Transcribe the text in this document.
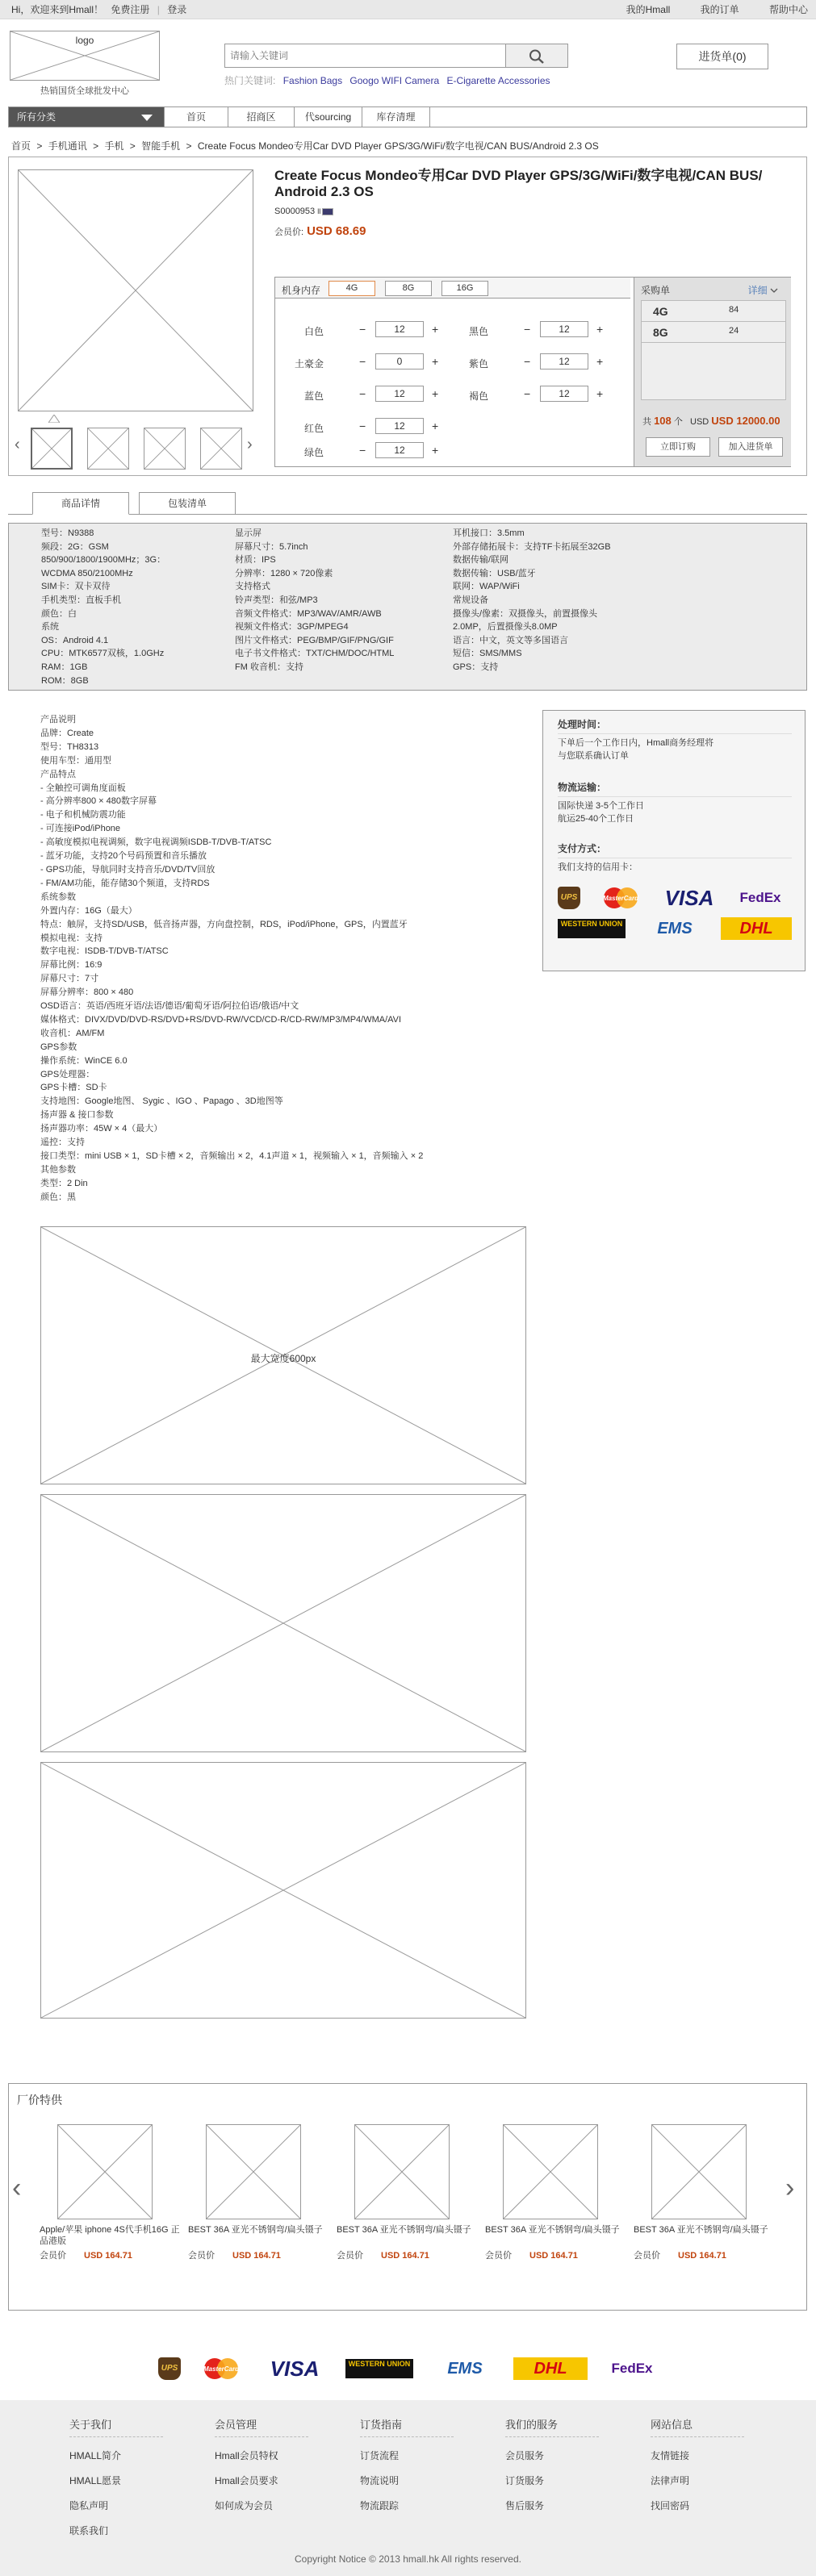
Hi，欢迎来到Hmall！ 免费注册 | 登录	我的Hmall	我的订单	帮助中心
logo
热销国货全球批发中心
请输入关键词
热门关键词: Fashion Bags Googo WIFI Camera E-Cigarette Accessories
进货单(0)
所有分类	首页	招商区	代sourcing	库存清理
首页 > 手机通讯 > 手机 > 智能手机 > Create Focus Mondeo专用Car DVD Player GPS/3G/WiFi/数字电视/CAN BUS/Android 2.3 OS
‹	›
Create Focus Mondeo专用Car DVD Player GPS/3G/WiFi/数字电视/CAN BUS/ Android 2.3 OS
S0000953 ll
会员价: USD 68.69
机身内存	4G	8G	16G
白色	−	12	+	黑色	−	12	+
土豪金	−	0	+	紫色	−	12	+
蓝色	−	12	+	褐色	−	12	+
红色	−	12	+
绿色	−	12	+
采购单	详细
4G	84
8G	24
共 108 个 USD USD 12000.00
立即订购	加入进货单
商品详情	包装清单
型号：N9388
频段：2G：GSM
850/900/1800/1900MHz；3G：
WCDMA 850/2100MHz
SIM卡：双卡双待
手机类型：直板手机
颜色：白
系统
OS：Android 4.1
CPU：MTK6577双核，1.0GHz
RAM：1GB
ROM：8GB
显示屏
屏幕尺寸：5.7inch
材质：IPS
分辨率：1280 × 720像素
支持格式
铃声类型：和弦/MP3
音频文件格式：MP3/WAV/AMR/AWB
视频文件格式：3GP/MPEG4
图片文件格式：PEG/BMP/GIF/PNG/GIF
电子书文件格式：TXT/CHM/DOC/HTML
FM 收音机：支持
耳机接口：3.5mm
外部存储拓展卡：支持TF卡拓展至32GB
数据传输/联网
数据传输：USB/蓝牙
联网：WAP/WiFi
常规设备
摄像头/像素：双摄像头，前置摄像头
2.0MP，后置摄像头8.0MP
语言：中文，英文等多国语言
短信：SMS/MMS
GPS：支持
产品说明
品牌：Create
型号：TH8313
使用车型：通用型
产品特点
- 全触控可调角度面板
- 高分辨率800 × 480数字屏幕
- 电子和机械防震功能
- 可连接iPod/iPhone
- 高敏度模拟电视调频，数字电视调频ISDB-T/DVB-T/ATSC
- 蓝牙功能，支持20个号码预置和音乐播放
- GPS功能，导航同时支持音乐/DVD/TV回放
- FM/AM功能，能存储30个频道，支持RDS
系统参数
外置内存：16G（最大）
特点：触屏，支持SD/USB，低音扬声器，方向盘控制，RDS，iPod/iPhone，GPS，内置蓝牙
模拟电视：支持
数字电视：ISDB-T/DVB-T/ATSC
屏幕比例：16:9
屏幕尺寸：7寸
屏幕分辨率：800 × 480
OSD语言：英语/西班牙语/法语/德语/葡萄牙语/阿拉伯语/俄语/中文
媒体格式：DIVX/DVD/DVD-RS/DVD+RS/DVD-RW/VCD/CD-R/CD-RW/MP3/MP4/WMA/AVI
收音机：AM/FM
GPS参数
操作系统：WinCE 6.0
GPS处理器：
GPS卡槽：SD卡
支持地图：Google地图、 Sygic 、IGO 、Papago 、3D地图等
扬声器 & 接口参数
扬声器功率：45W × 4（最大）
遥控：支持
接口类型：mini USB × 1，SD卡槽 × 2，音频输出 × 2，4.1声道 × 1，视频输入 × 1，音频输入 × 2
其他参数
类型：2 Din
颜色：黑
处理时间：
下单后一个工作日内，Hmall商务经理将
与您联系确认订单
物流运输：
国际快递 3-5个工作日
航运25-40个工作日
支付方式：
我们支持的信用卡：
UPS	MasterCard VISA	FedEx
WESTERN UNION	EMS	DHL
最大宽度600px
厂价特供
‹	›
Apple/苹果 iphone 4S代手机16G 正品港版
会员价 USD 164.71
BEST 36A 亚光不锈钢弯/扁头镊子
会员价 USD 164.71
BEST 36A 亚光不锈钢弯/扁头镊子
会员价 USD 164.71
BEST 36A 亚光不锈钢弯/扁头镊子
会员价 USD 164.71
BEST 36A 亚光不锈钢弯/扁头镊子
会员价 USD 164.71
UPS	MasterCard VISA	WESTERN UNION	EMS	DHL	FedEx
关于我们
HMALL简介
HMALL愿景
隐私声明
联系我们
会员管理
Hmall会员特权
Hmall会员要求
如何成为会员
订货指南
订货流程
物流说明
物流跟踪
我们的服务
会员服务
订货服务
售后服务
网站信息
友情链接
法律声明
找回密码
Copyright Notice © 2013 hmall.hk All rights reserved.
